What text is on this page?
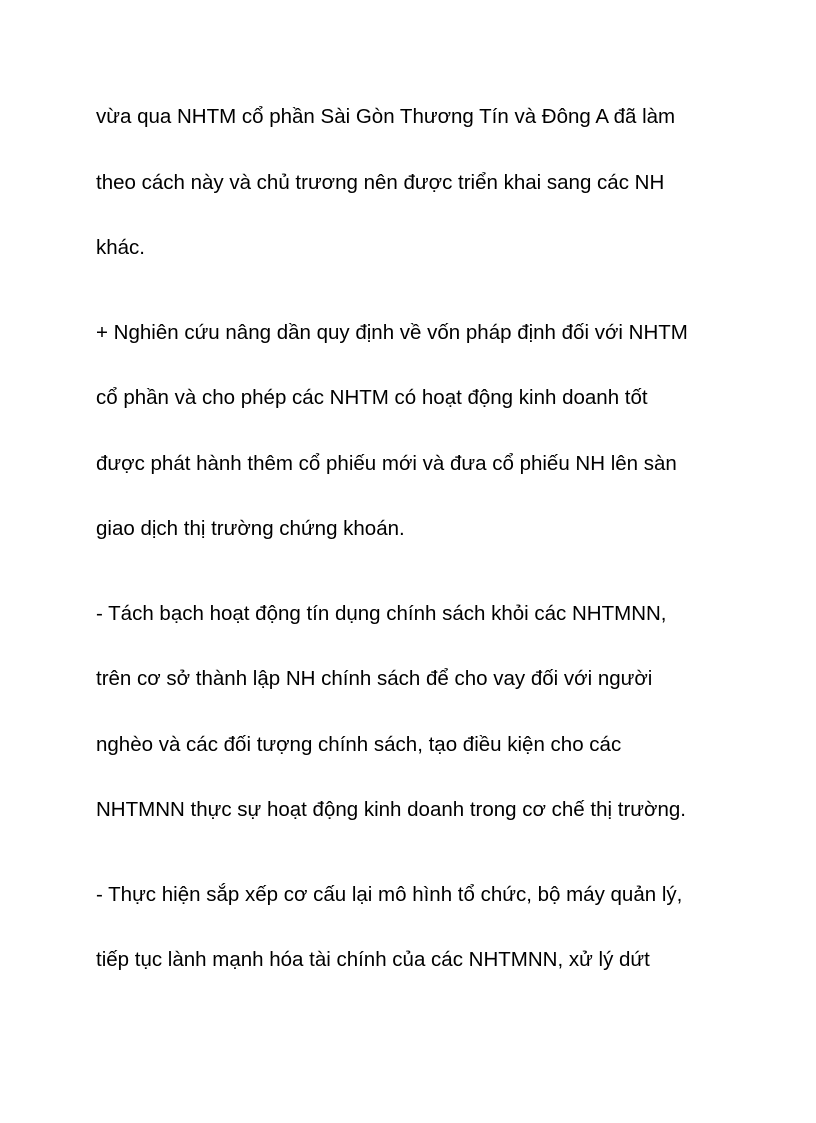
vừa qua NHTM cổ phần Sài Gòn Thương Tín và Đông A đã làm
theo cách này và chủ trương nên được triển khai sang các NH
khác.
+ Nghiên cứu nâng dần quy định về vốn pháp định đối với NHTM
cổ phần và cho phép các NHTM có hoạt động kinh doanh tốt
được phát hành thêm cổ phiếu mới và đưa cổ phiếu NH lên sàn
giao dịch thị trường chứng khoán.
- Tách bạch hoạt động tín dụng chính sách khỏi các NHTMNN,
trên cơ sở thành lập NH chính sách để cho vay đối với người
nghèo và các đối tượng chính sách, tạo điều kiện cho các
NHTMNN thực sự hoạt động kinh doanh trong cơ chế thị trường.
- Thực hiện sắp xếp cơ cấu lại mô hình tổ chức, bộ máy quản lý,
tiếp tục lành mạnh hóa tài chính của các NHTMNN, xử lý dứt
